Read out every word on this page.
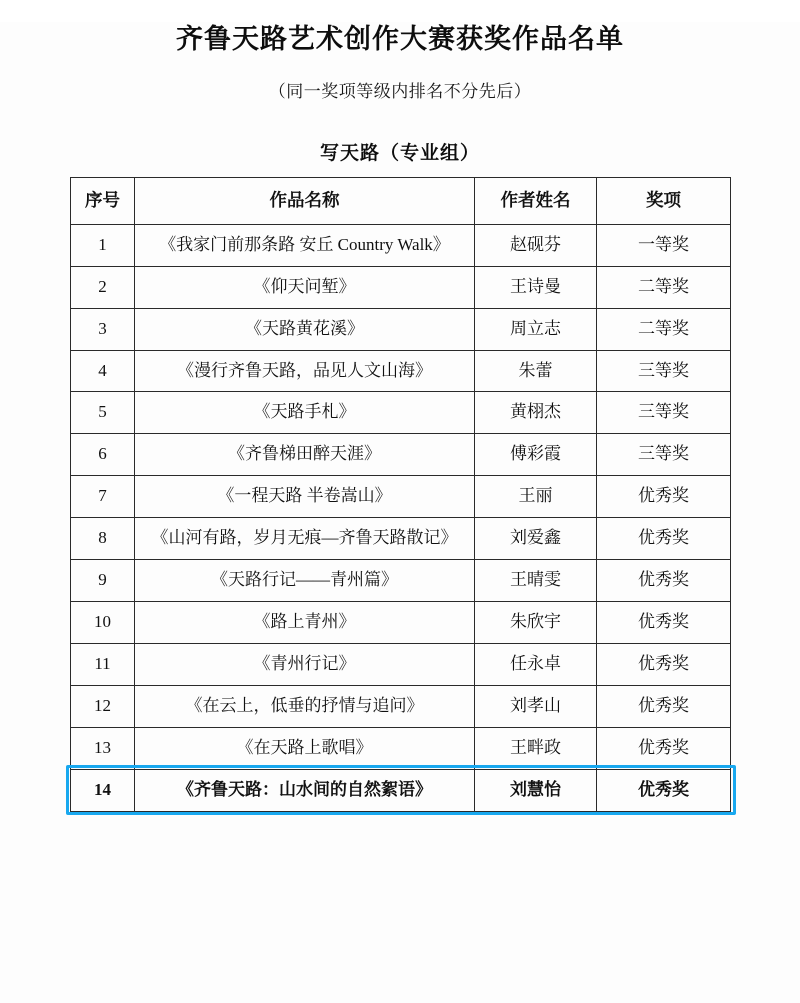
齐鲁天路艺术创作大赛获奖作品名单
（同一奖项等级内排名不分先后）
写天路（专业组）
序号	作品名称	作者姓名	奖项
1	《我家门前那条路 安丘 Country Walk》	赵砚芬	一等奖
2	《仰天问堑》	王诗曼	二等奖
3	《天路黄花溪》	周立志	二等奖
4	《漫行齐鲁天路，品见人文山海》	朱蕾	三等奖
5	《天路手札》	黄栩杰	三等奖
6	《齐鲁梯田醉天涯》	傅彩霞	三等奖
7	《一程天路 半卷嵩山》	王丽	优秀奖
8	《山河有路，岁月无痕—齐鲁天路散记》	刘爱鑫	优秀奖
9	《天路行记——青州篇》	王晴雯	优秀奖
10	《路上青州》	朱欣宇	优秀奖
11	《青州行记》	任永卓	优秀奖
12	《在云上，低垂的抒情与追问》	刘孝山	优秀奖
13	《在天路上歌唱》	王畔政	优秀奖
14	《齐鲁天路：山水间的自然絮语》	刘慧怡	优秀奖
